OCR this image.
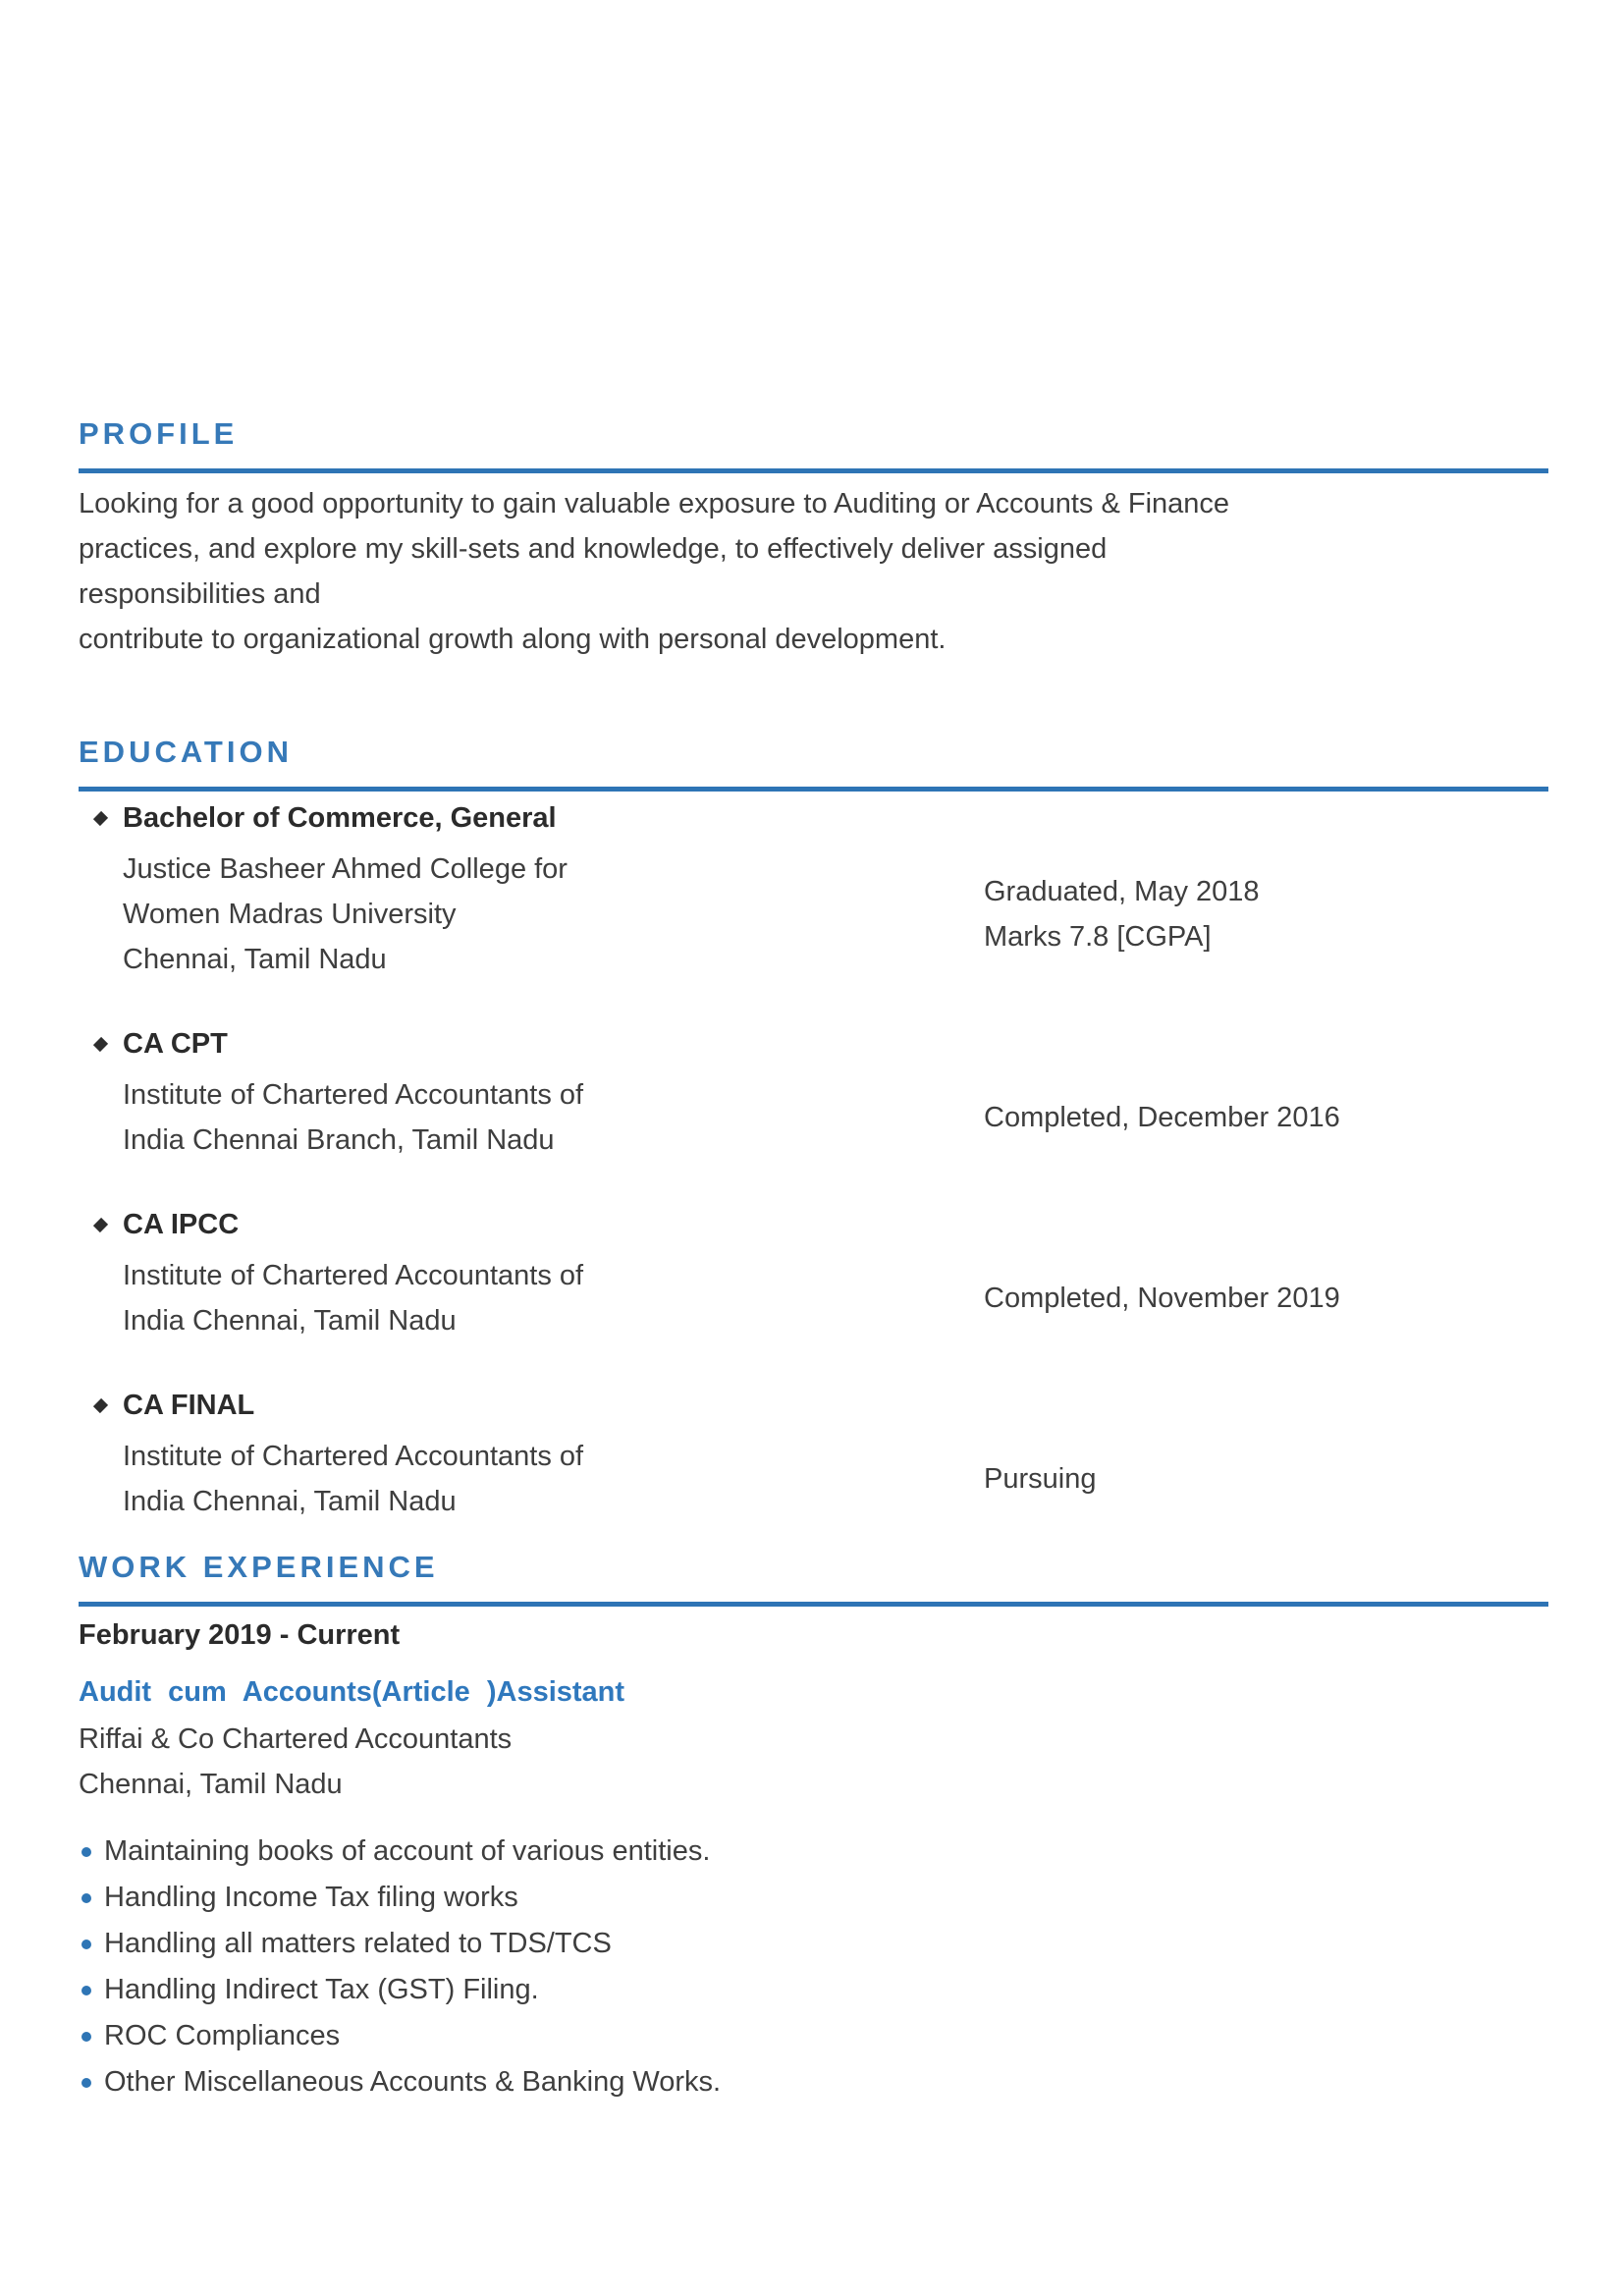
PROFILE
Looking for a good opportunity to gain valuable exposure to Auditing or Accounts & Finance
practices, and explore my skill-sets and knowledge, to effectively deliver assigned
responsibilities and
contribute to organizational growth along with personal development.
EDUCATION
Bachelor of Commerce, General
Justice Basheer Ahmed College for
Women Madras University
Chennai, Tamil Nadu
Graduated, May 2018
Marks 7.8 [CGPA]
CA CPT
Institute of Chartered Accountants of
India Chennai Branch, Tamil Nadu
Completed, December 2016
CA IPCC
Institute of Chartered Accountants of
India Chennai, Tamil Nadu
Completed, November 2019
CA FINAL
Institute of Chartered Accountants of
India Chennai, Tamil Nadu
Pursuing
WORK EXPERIENCE
February 2019 - Current
Audit cum Accounts(Article )Assistant
Riffai & Co Chartered Accountants
Chennai, Tamil Nadu
Maintaining books of account of various entities.
Handling Income Tax filing works
Handling all matters related to TDS/TCS
Handling Indirect Tax (GST) Filing.
ROC Compliances
Other Miscellaneous Accounts & Banking Works.
